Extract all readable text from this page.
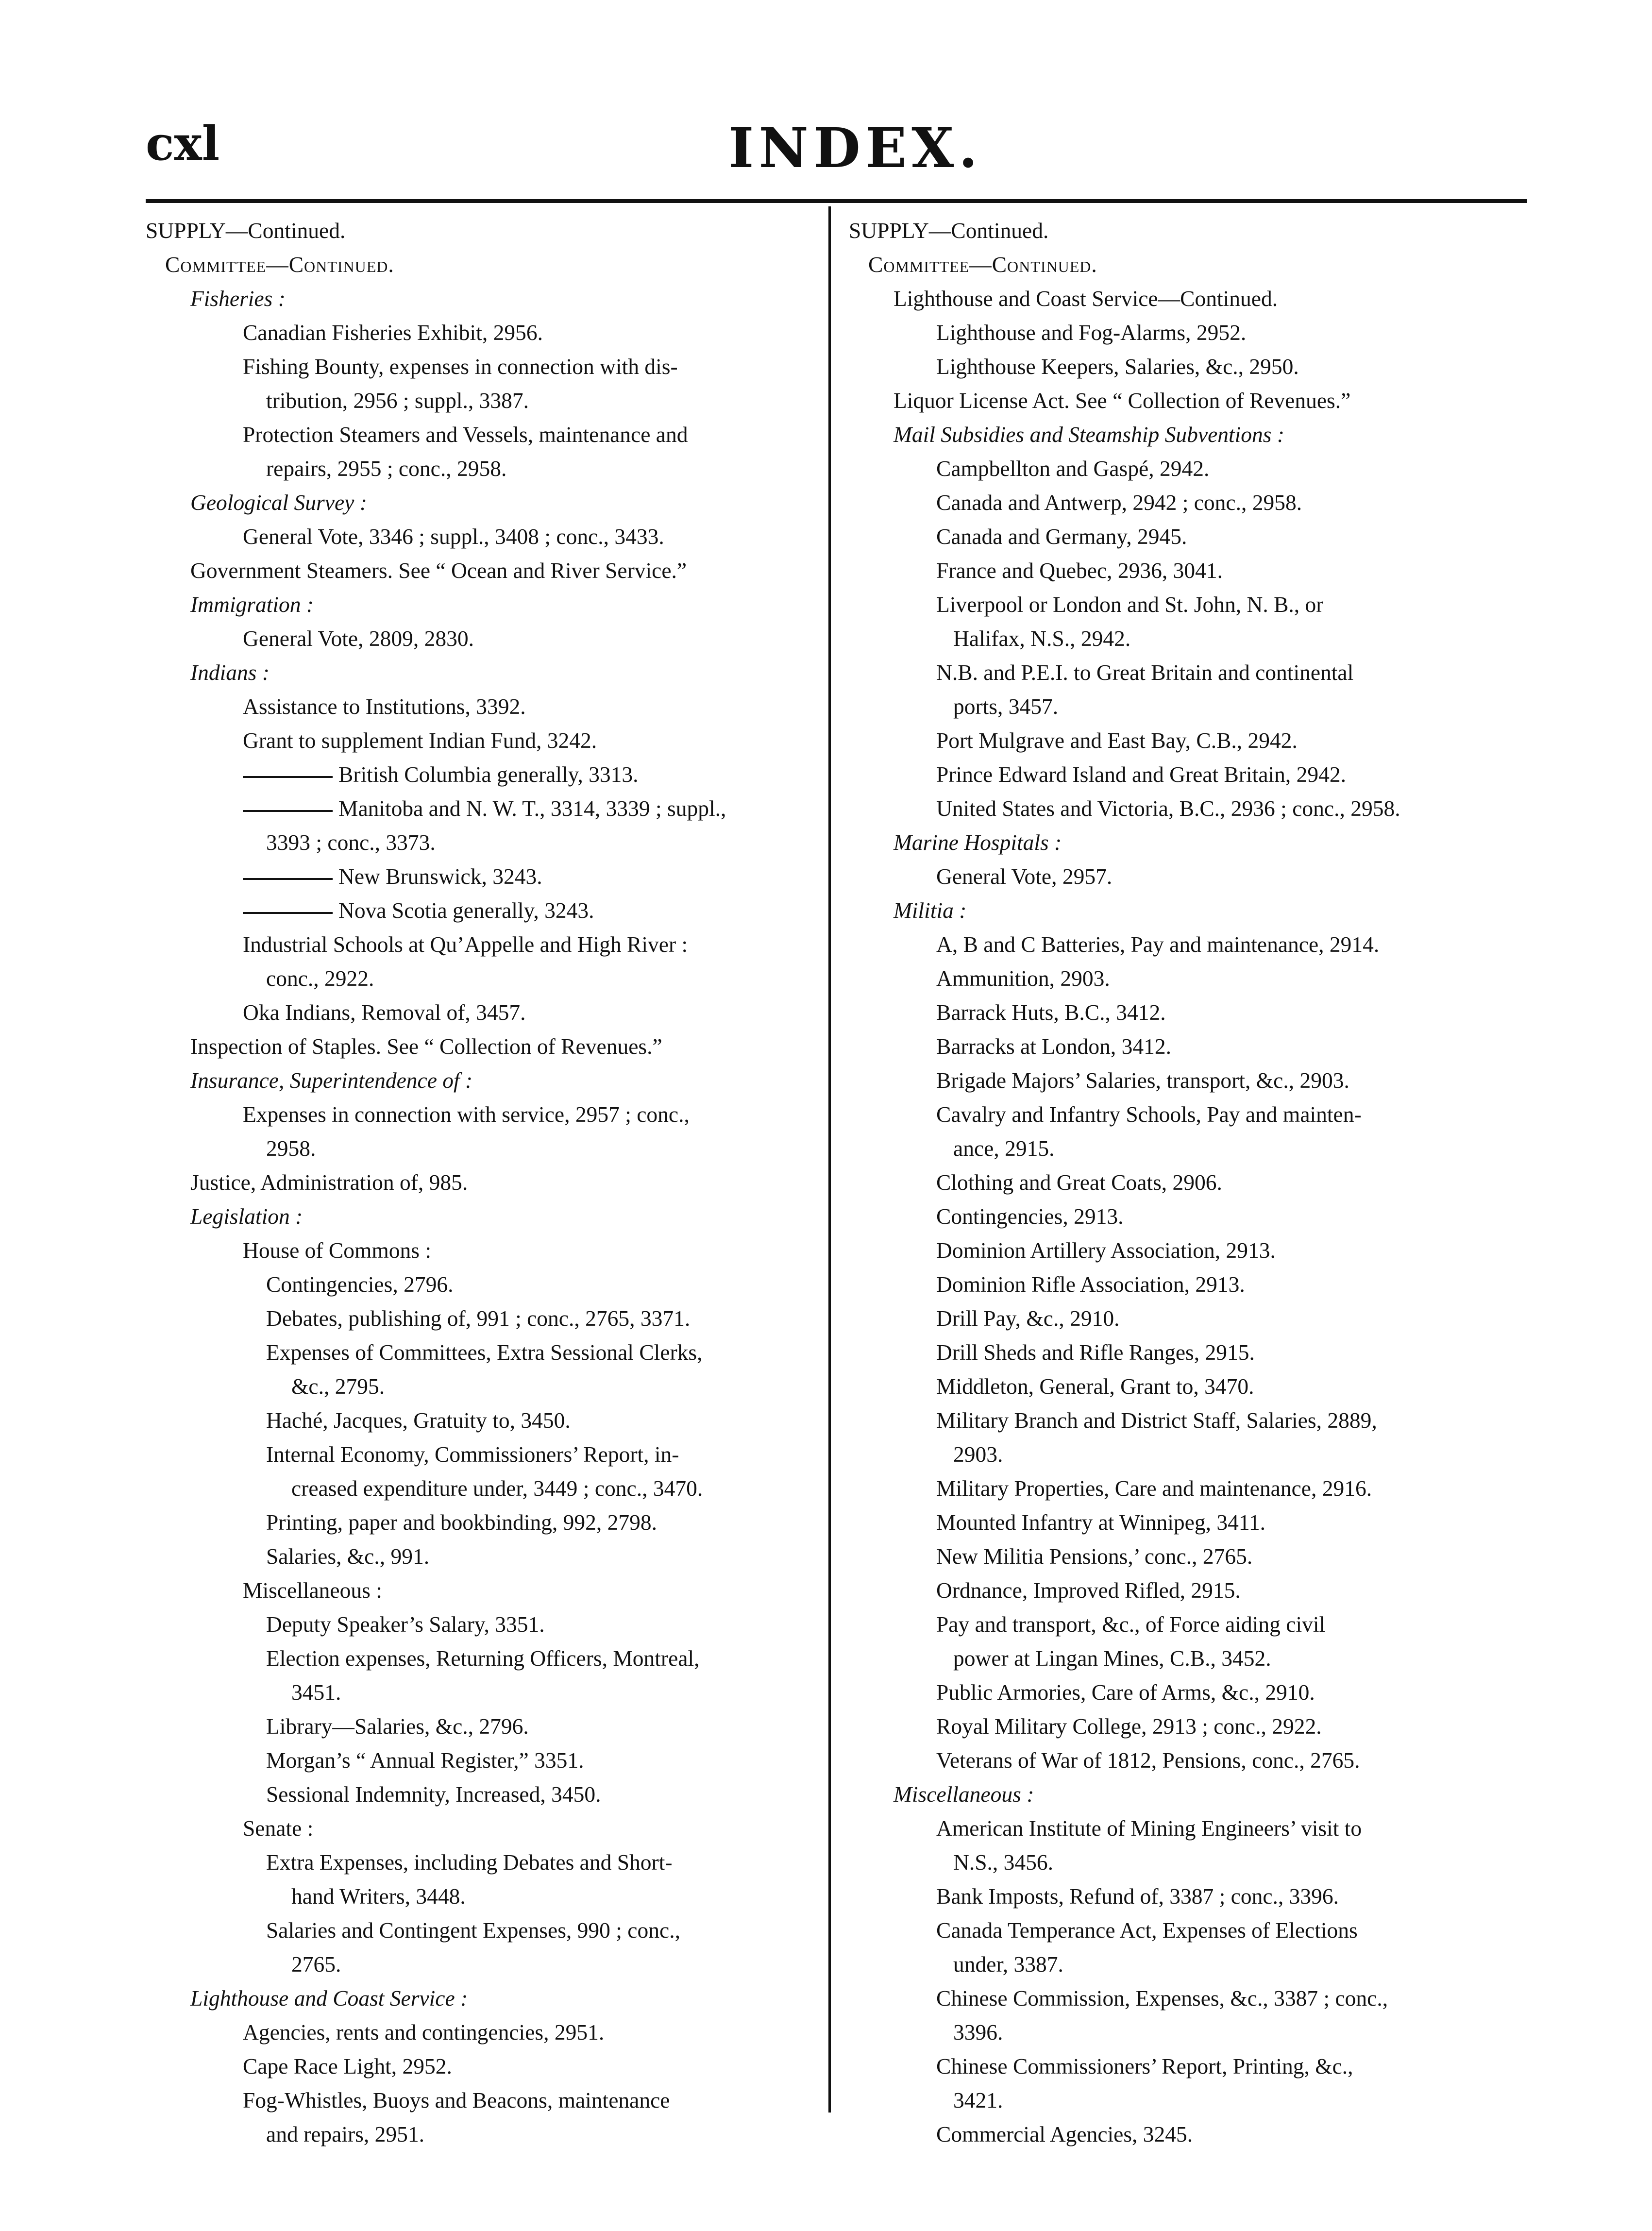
cxl	INDEX.
SUPPLY—Continued.
Committee—Continued.
Fisheries :
Canadian Fisheries Exhibit, 2956.
Fishing Bounty, expenses in connection with dis-
tribution, 2956 ; suppl., 3387.
Protection Steamers and Vessels, maintenance and
repairs, 2955 ; conc., 2958.
Geological Survey :
General Vote, 3346 ; suppl., 3408 ; conc., 3433.
Government Steamers. See “ Ocean and River Service.”
Immigration :
General Vote, 2809, 2830.
Indians :
Assistance to Institutions, 3392.
Grant to supplement Indian Fund, 3242.
British Columbia generally, 3313.
Manitoba and N. W. T., 3314, 3339 ; suppl.,
3393 ; conc., 3373.
New Brunswick, 3243.
Nova Scotia generally, 3243.
Industrial Schools at Qu’Appelle and High River :
conc., 2922.
Oka Indians, Removal of, 3457.
Inspection of Staples. See “ Collection of Revenues.”
Insurance, Superintendence of :
Expenses in connection with service, 2957 ; conc.,
2958.
Justice, Administration of, 985.
Legislation :
House of Commons :
Contingencies, 2796.
Debates, publishing of, 991 ; conc., 2765, 3371.
Expenses of Committees, Extra Sessional Clerks,
&c., 2795.
Haché, Jacques, Gratuity to, 3450.
Internal Economy, Commissioners’ Report, in-
creased expenditure under, 3449 ; conc., 3470.
Printing, paper and bookbinding, 992, 2798.
Salaries, &c., 991.
Miscellaneous :
Deputy Speaker’s Salary, 3351.
Election expenses, Returning Officers, Montreal,
3451.
Library—Salaries, &c., 2796.
Morgan’s “ Annual Register,” 3351.
Sessional Indemnity, Increased, 3450.
Senate :
Extra Expenses, including Debates and Short-
hand Writers, 3448.
Salaries and Contingent Expenses, 990 ; conc.,
2765.
Lighthouse and Coast Service :
Agencies, rents and contingencies, 2951.
Cape Race Light, 2952.
Fog-Whistles, Buoys and Beacons, maintenance
and repairs, 2951.
SUPPLY—Continued.
Committee—Continued.
Lighthouse and Coast Service—Continued.
Lighthouse and Fog-Alarms, 2952.
Lighthouse Keepers, Salaries, &c., 2950.
Liquor License Act. See “ Collection of Revenues.”
Mail Subsidies and Steamship Subventions :
Campbellton and Gaspé, 2942.
Canada and Antwerp, 2942 ; conc., 2958.
Canada and Germany, 2945.
France and Quebec, 2936, 3041.
Liverpool or London and St. John, N. B., or
Halifax, N.S., 2942.
N.B. and P.E.I. to Great Britain and continental
ports, 3457.
Port Mulgrave and East Bay, C.B., 2942.
Prince Edward Island and Great Britain, 2942.
United States and Victoria, B.C., 2936 ; conc., 2958.
Marine Hospitals :
General Vote, 2957.
Militia :
A, B and C Batteries, Pay and maintenance, 2914.
Ammunition, 2903.
Barrack Huts, B.C., 3412.
Barracks at London, 3412.
Brigade Majors’ Salaries, transport, &c., 2903.
Cavalry and Infantry Schools, Pay and mainten-
ance, 2915.
Clothing and Great Coats, 2906.
Contingencies, 2913.
Dominion Artillery Association, 2913.
Dominion Rifle Association, 2913.
Drill Pay, &c., 2910.
Drill Sheds and Rifle Ranges, 2915.
Middleton, General, Grant to, 3470.
Military Branch and District Staff, Salaries, 2889,
2903.
Military Properties, Care and maintenance, 2916.
Mounted Infantry at Winnipeg, 3411.
New Militia Pensions,’ conc., 2765.
Ordnance, Improved Rifled, 2915.
Pay and transport, &c., of Force aiding civil
power at Lingan Mines, C.B., 3452.
Public Armories, Care of Arms, &c., 2910.
Royal Military College, 2913 ; conc., 2922.
Veterans of War of 1812, Pensions, conc., 2765.
Miscellaneous :
American Institute of Mining Engineers’ visit to
N.S., 3456.
Bank Imposts, Refund of, 3387 ; conc., 3396.
Canada Temperance Act, Expenses of Elections
under, 3387.
Chinese Commission, Expenses, &c., 3387 ; conc.,
3396.
Chinese Commissioners’ Report, Printing, &c.,
3421.
Commercial Agencies, 3245.
